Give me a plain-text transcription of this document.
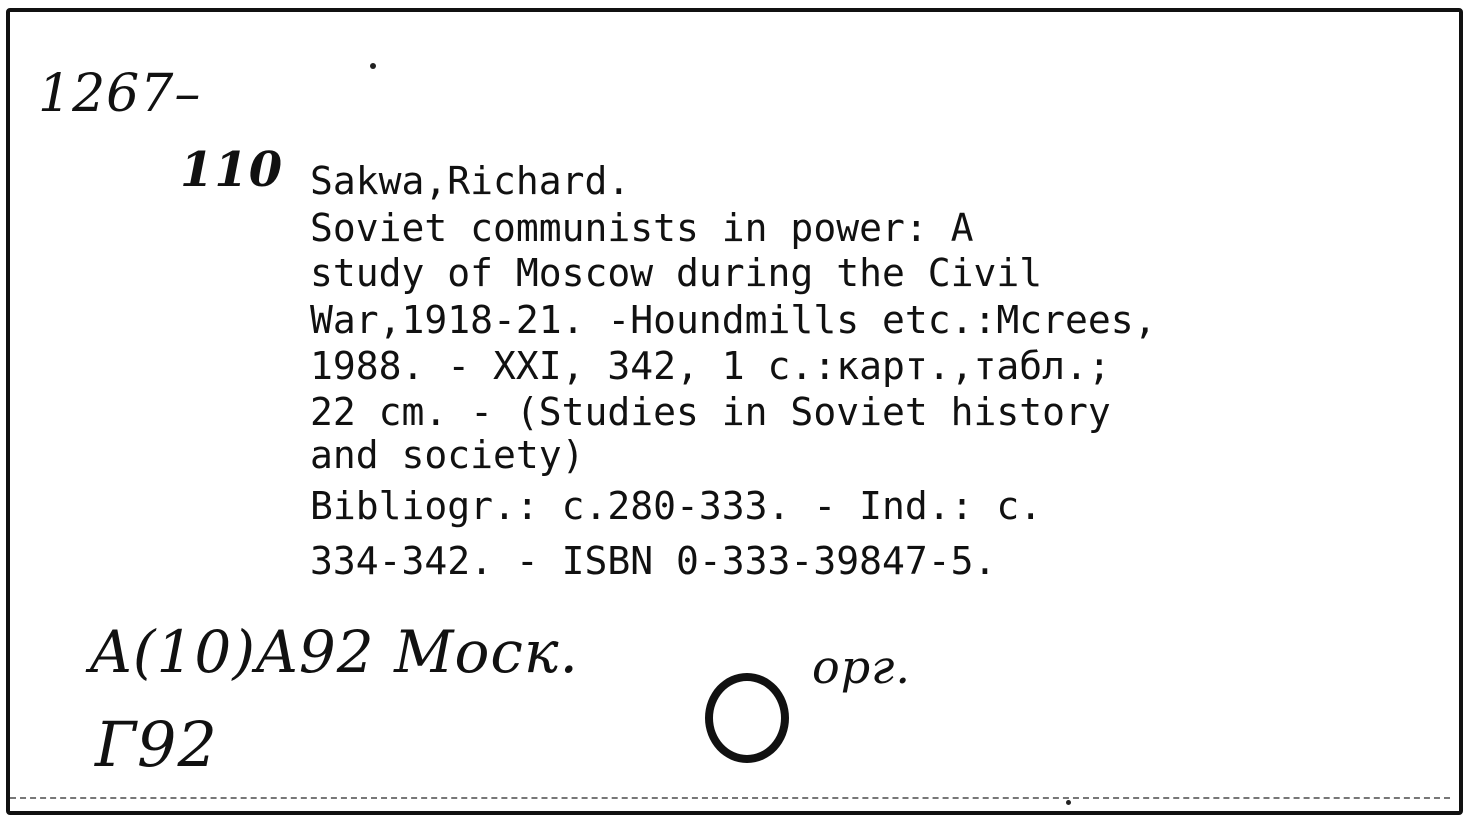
1267–
110 Sakwa,Richard.
Soviet communists in power: A
study of Moscow during the Civil
War,1918-21. -Houndmills etc.:Mcrees,
1988. - XXI, 342, 1 c.:карт.,табл.;
22 cm. - (Studies in Soviet history
and society)
Bibliogr.: c.280-333. - Ind.: c.
334-342. - ISBN 0-333-39847-5.
A(10)A92 Моск.
Г92
орг.
